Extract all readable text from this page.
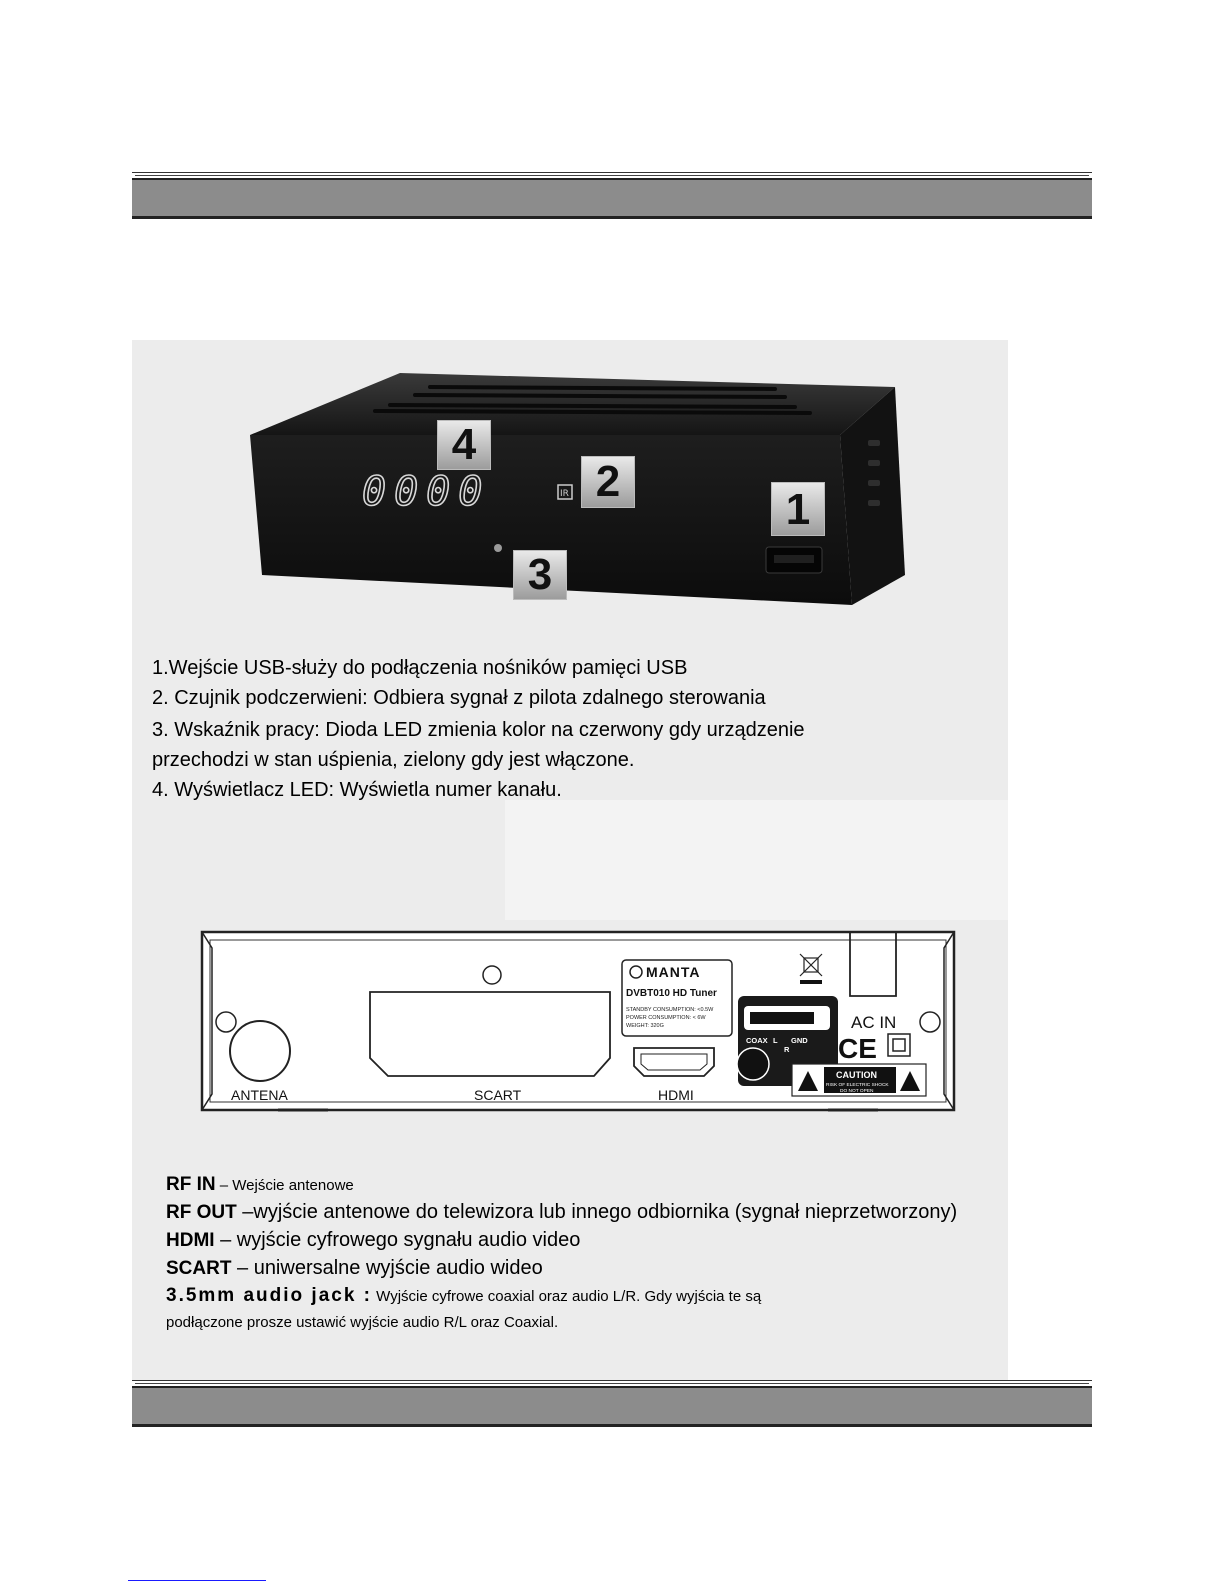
0000	IR
4
2
1
3

1.Wejście USB-służy do podłączenia nośników pamięci USB

2. Czujnik podczerwieni: Odbiera sygnał z pilota zdalnego sterowania

3. Wskaźnik pracy: Dioda LED zmienia kolor na czerwony gdy urządzenie

przechodzi w stan uśpienia, zielony gdy jest włączone.

4. Wyświetlacz LED: Wyświetla numer kanału.

ANTENA	SCART
MANTA
DVBT010 HD Tuner
STANDBY CONSUMPTION: <0.5W
POWER CONSUMPTION: < 6W
WEIGHT: 320G
HDMI
COAX L GND
R
AC IN
CE
CAUTION
RISK OF ELECTRIC SHOCK
DO NOT OPEN

RF IN – Wejście antenowe

RF OUT –wyjście antenowe do telewizora lub innego odbiornika (sygnał nieprzetworzony)

HDMI – wyjście cyfrowego sygnału audio video

SCART – uniwersalne wyjście audio wideo

3.5mm audio jack : Wyjście cyfrowe coaxial oraz audio L/R. Gdy wyjścia te są

podłączone prosze ustawić wyjście audio R/L oraz Coaxial.
